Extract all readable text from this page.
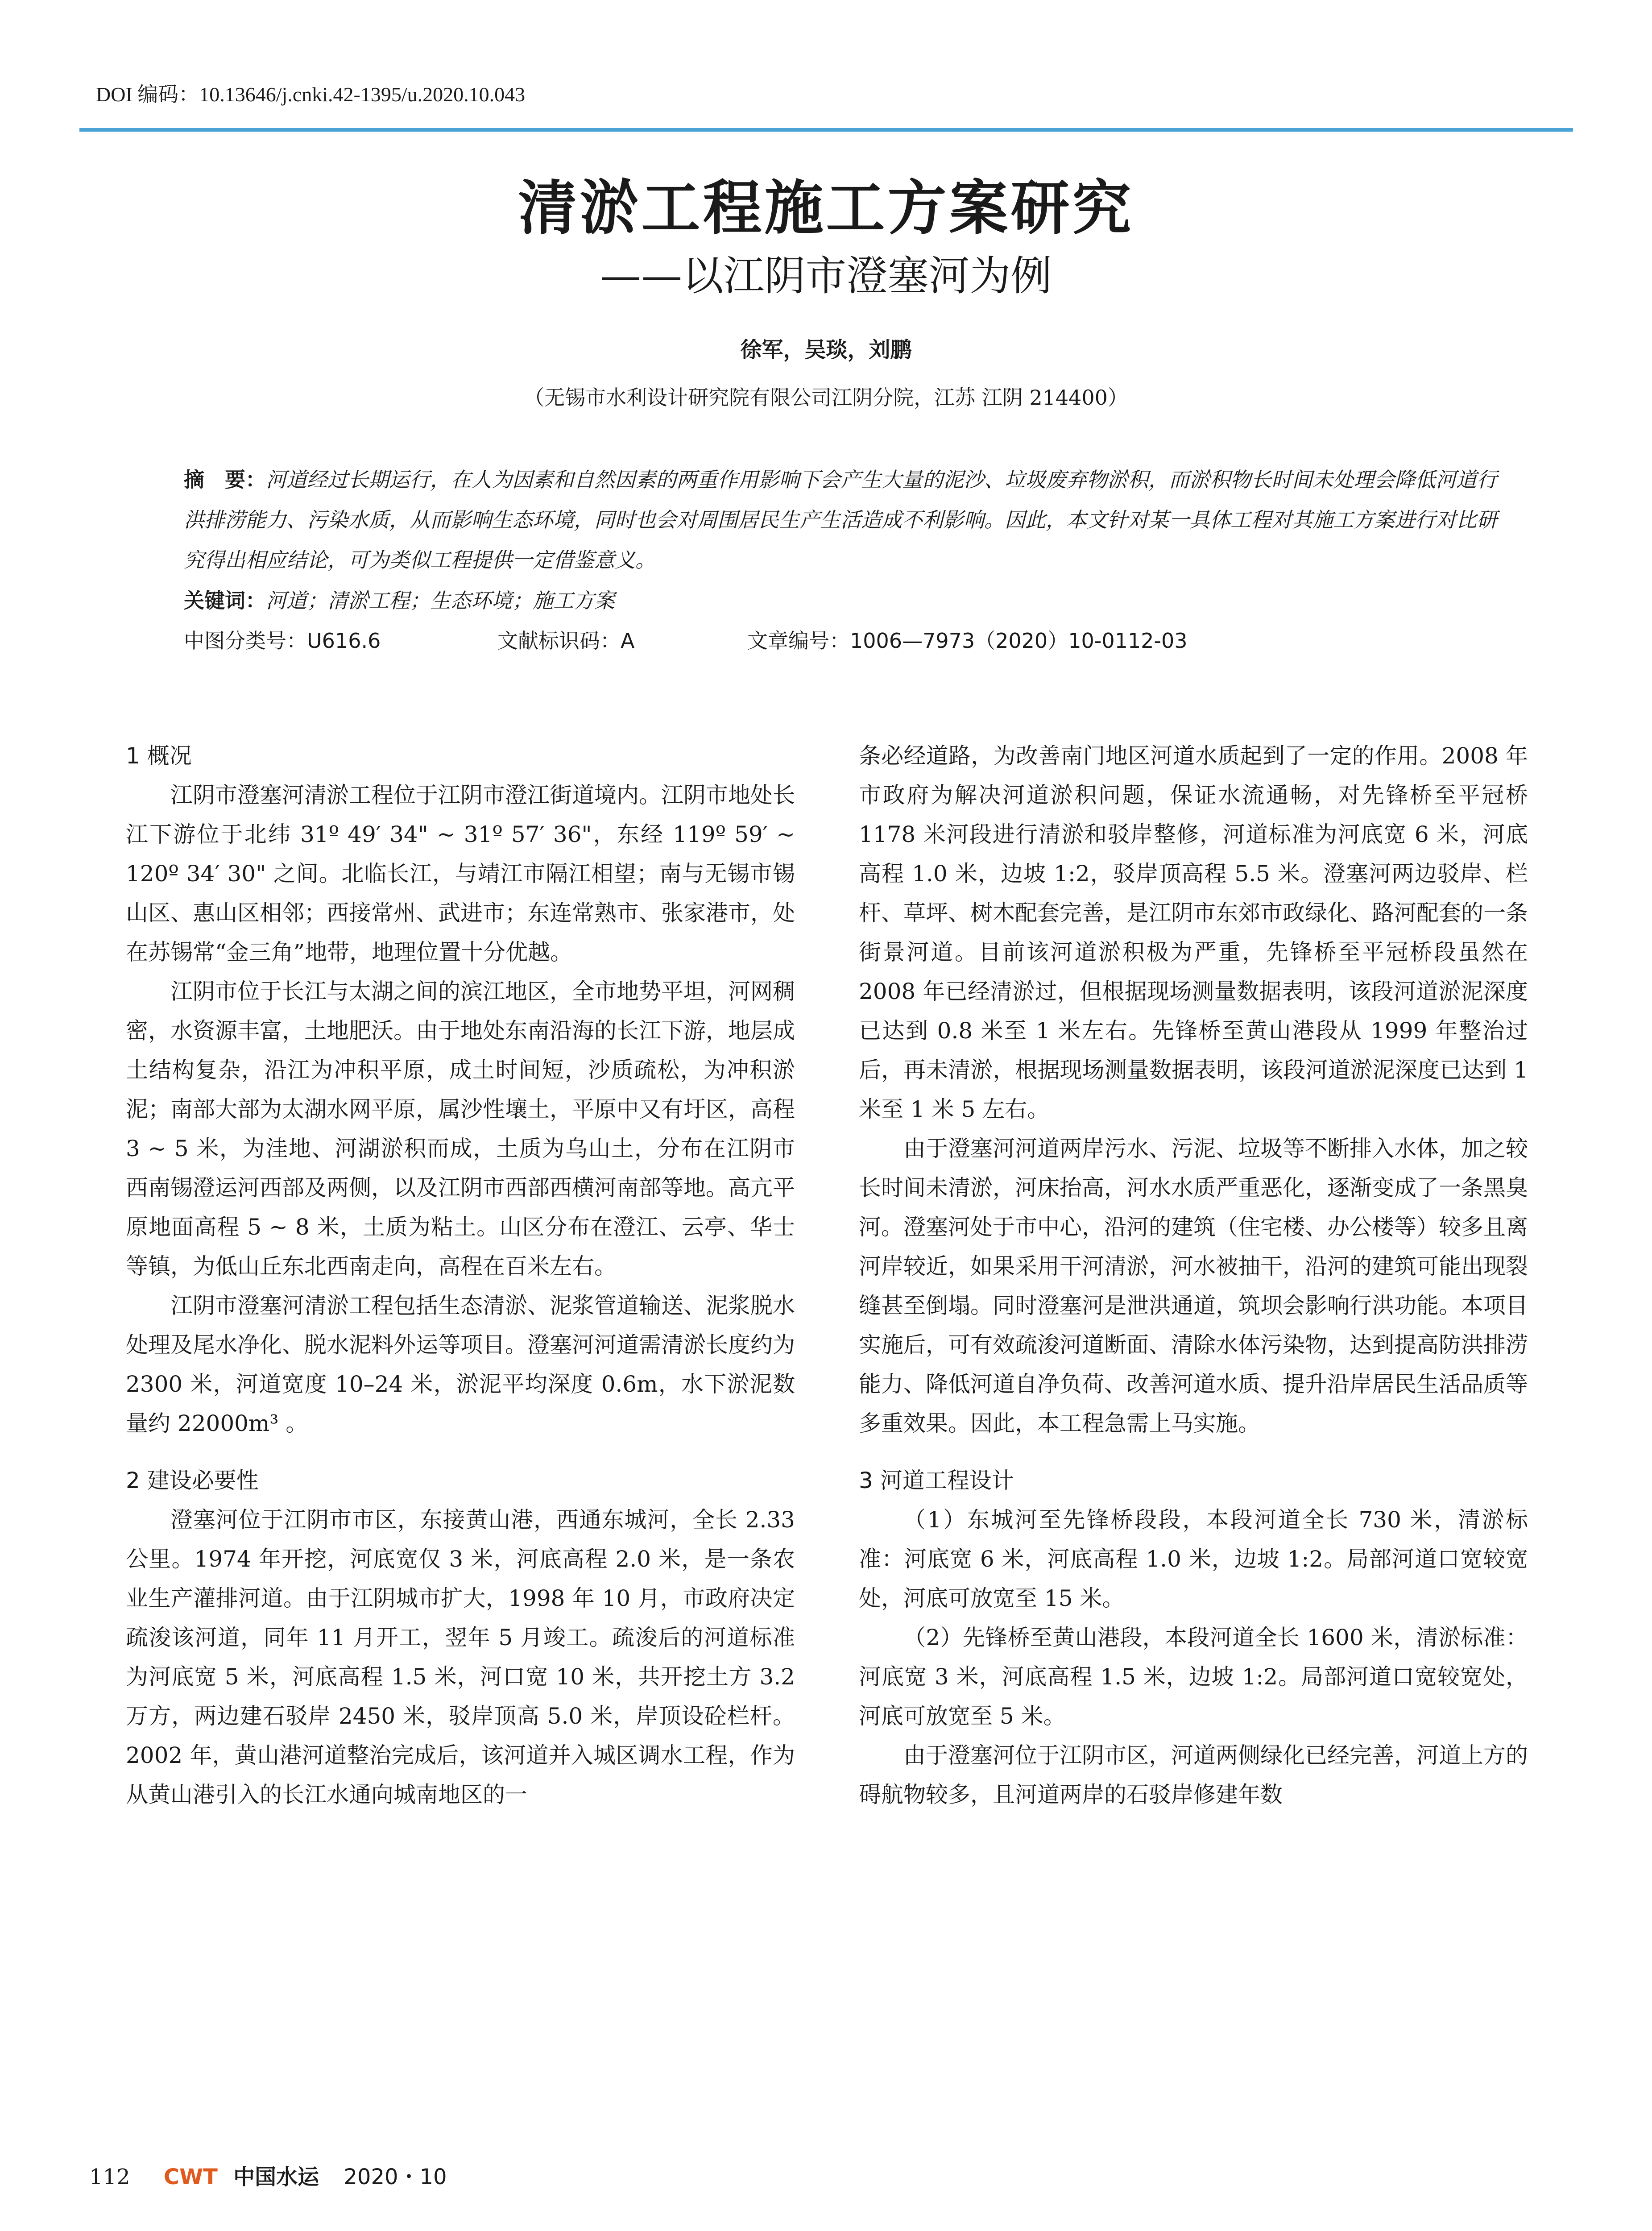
DOI 编码：10.13646/j.cnki.42-1395/u.2020.10.043
清淤工程施工方案研究
——以江阴市澄塞河为例
徐军，吴琰，刘鹏
（无锡市水利设计研究院有限公司江阴分院，江苏 江阴 214400）
摘　要：河道经过长期运行，在人为因素和自然因素的两重作用影响下会产生大量的泥沙、垃圾废弃物淤积，而淤积物长时间未处理会降低河道行洪排涝能力、污染水质，从而影响生态环境，同时也会对周围居民生产生活造成不利影响。因此，本文针对某一具体工程对其施工方案进行对比研究得出相应结论，可为类似工程提供一定借鉴意义。
关键词：河道；清淤工程；生态环境；施工方案
中图分类号：U616.6	文献标识码：A	文章编号：1006—7973（2020）10-0112-03
1 概况

江阴市澄塞河清淤工程位于江阴市澄江街道境内。江阴市地处长江下游位于北纬 31º 49′ 34" ~ 31º 57′ 36"，东经 119º 59′ ~ 120º 34′ 30" 之间。北临长江，与靖江市隔江相望；南与无锡市锡山区、惠山区相邻；西接常州、武进市；东连常熟市、张家港市，处在苏锡常“金三角”地带，地理位置十分优越。

江阴市位于长江与太湖之间的滨江地区，全市地势平坦，河网稠密，水资源丰富，土地肥沃。由于地处东南沿海的长江下游，地层成土结构复杂，沿江为冲积平原，成土时间短，沙质疏松，为冲积淤泥；南部大部为太湖水网平原，属沙性壤土，平原中又有圩区，高程 3 ~ 5 米，为洼地、河湖淤积而成，土质为乌山土，分布在江阴市西南锡澄运河西部及两侧，以及江阴市西部西横河南部等地。高亢平原地面高程 5 ~ 8 米，土质为粘土。山区分布在澄江、云亭、华士等镇，为低山丘东北西南走向，高程在百米左右。

江阴市澄塞河清淤工程包括生态清淤、泥浆管道输送、泥浆脱水处理及尾水净化、脱水泥料外运等项目。澄塞河河道需清淤长度约为 2300 米，河道宽度 10–24 米，淤泥平均深度 0.6m，水下淤泥数量约 22000m³ 。

2 建设必要性

澄塞河位于江阴市市区，东接黄山港，西通东城河，全长 2.33 公里。1974 年开挖，河底宽仅 3 米，河底高程 2.0 米，是一条农业生产灌排河道。由于江阴城市扩大，1998 年 10 月，市政府决定疏浚该河道，同年 11 月开工，翌年 5 月竣工。疏浚后的河道标准为河底宽 5 米，河底高程 1.5 米，河口宽 10 米，共开挖土方 3.2 万方，两边建石驳岸 2450 米，驳岸顶高 5.0 米，岸顶设砼栏杆。2002 年，黄山港河道整治完成后，该河道并入城区调水工程，作为从黄山港引入的长江水通向城南地区的一

条必经道路，为改善南门地区河道水质起到了一定的作用。2008 年市政府为解决河道淤积问题，保证水流通畅，对先锋桥至平冠桥 1178 米河段进行清淤和驳岸整修，河道标准为河底宽 6 米，河底高程 1.0 米，边坡 1:2，驳岸顶高程 5.5 米。澄塞河两边驳岸、栏杆、草坪、树木配套完善，是江阴市东郊市政绿化、路河配套的一条街景河道。目前该河道淤积极为严重，先锋桥至平冠桥段虽然在 2008 年已经清淤过，但根据现场测量数据表明，该段河道淤泥深度已达到 0.8 米至 1 米左右。先锋桥至黄山港段从 1999 年整治过后，再未清淤，根据现场测量数据表明，该段河道淤泥深度已达到 1 米至 1 米 5 左右。

由于澄塞河河道两岸污水、污泥、垃圾等不断排入水体，加之较长时间未清淤，河床抬高，河水水质严重恶化，逐渐变成了一条黑臭河。澄塞河处于市中心，沿河的建筑（住宅楼、办公楼等）较多且离河岸较近，如果采用干河清淤，河水被抽干，沿河的建筑可能出现裂缝甚至倒塌。同时澄塞河是泄洪通道，筑坝会影响行洪功能。本项目实施后，可有效疏浚河道断面、清除水体污染物，达到提高防洪排涝能力、降低河道自净负荷、改善河道水质、提升沿岸居民生活品质等多重效果。因此，本工程急需上马实施。

3 河道工程设计

（1）东城河至先锋桥段段，本段河道全长 730 米，清淤标准：河底宽 6 米，河底高程 1.0 米，边坡 1:2。局部河道口宽较宽处，河底可放宽至 15 米。

（2）先锋桥至黄山港段，本段河道全长 1600 米，清淤标准：河底宽 3 米，河底高程 1.5 米，边坡 1:2。局部河道口宽较宽处，河底可放宽至 5 米。

由于澄塞河位于江阴市区，河道两侧绿化已经完善，河道上方的碍航物较多，且河道两岸的石驳岸修建年数

112 CWT 中国水运 2020・10
